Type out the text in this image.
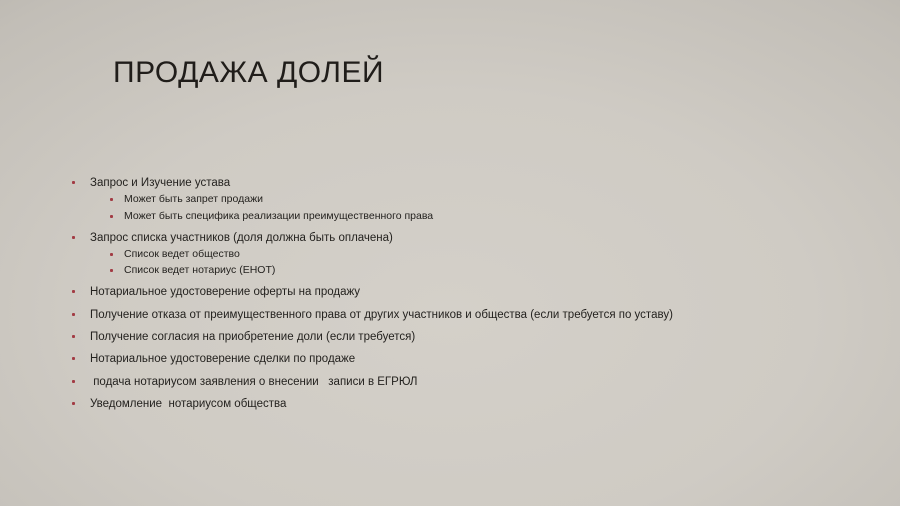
ПРОДАЖА ДОЛЕЙ
Запрос и Изучение устава
Может быть запрет продажи
Может быть специфика реализации преимущественного права
Запрос списка участников (доля должна быть оплачена)
Список ведет общество
Список ведет нотариус (ЕНОТ)
Нотариальное удостоверение оферты на продажу
Получение отказа от преимущественного права от других участников и общества (если требуется по уставу)
Получение согласия на приобретение доли (если требуется)
Нотариальное удостоверение сделки по продаже
подача нотариусом заявления о внесении   записи в ЕГРЮЛ
Уведомление  нотариусом общества
